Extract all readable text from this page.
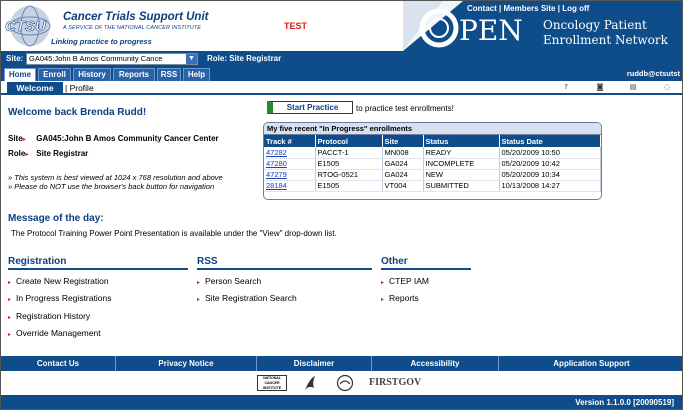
CTSU
Cancer Trials Support Unit
A SERVICE OF THE NATIONAL CANCER INSTITUTE
Linking practice to progress
TEST	PEN Oncology Patient
Enrollment Network
Contact | Members Site | Log off
Site: GA045:John B Amos Community Cance	▼ Role: Site Registrar
Home	Enroll	History	Reports	RSS	Help	ruddb@ctsutst
Welcome	| Profile	?	◙	▤	◌
Welcome back Brenda Rudd!	Start Practice	to practice test enrollments!
Site▸ GA045:John B Amos Community Cancer Center
Role▸ Site Registrar
» This system is best viewed at 1024 x 768 resolution and above
» Please do NOT use the browser's back button for navigation
My five recent "In Progress" enrollments
Track #	Protocol	Site	Status	Status Date
47282	PACCT-1	MN008	READY	05/20/2009 10:50
47280	E1505	GA024	INCOMPLETE	05/20/2009 10:42
47279	RTOG-0521	GA024	NEW	05/20/2009 10:34
28184	E1505	VT004	SUBMITTED	10/13/2008 14:27
Message of the day:
The Protocol Training Power Point Presentation is available under the "View" drop-down list.
Registration	RSS	Other
▸ Create New Registration
▸ In Progress Registrations
▸ Registration History
▸ Override Management
▸ Person Search
▸ Site Registration Search
▸ CTEP IAM
▸ Reports
Contact Us	Privacy Notice	Disclaimer	Accessibility	Application Support
NATIONAL CANCER INSTITUTE	FIRSTGOV
Version 1.1.0.0 [20090519]
